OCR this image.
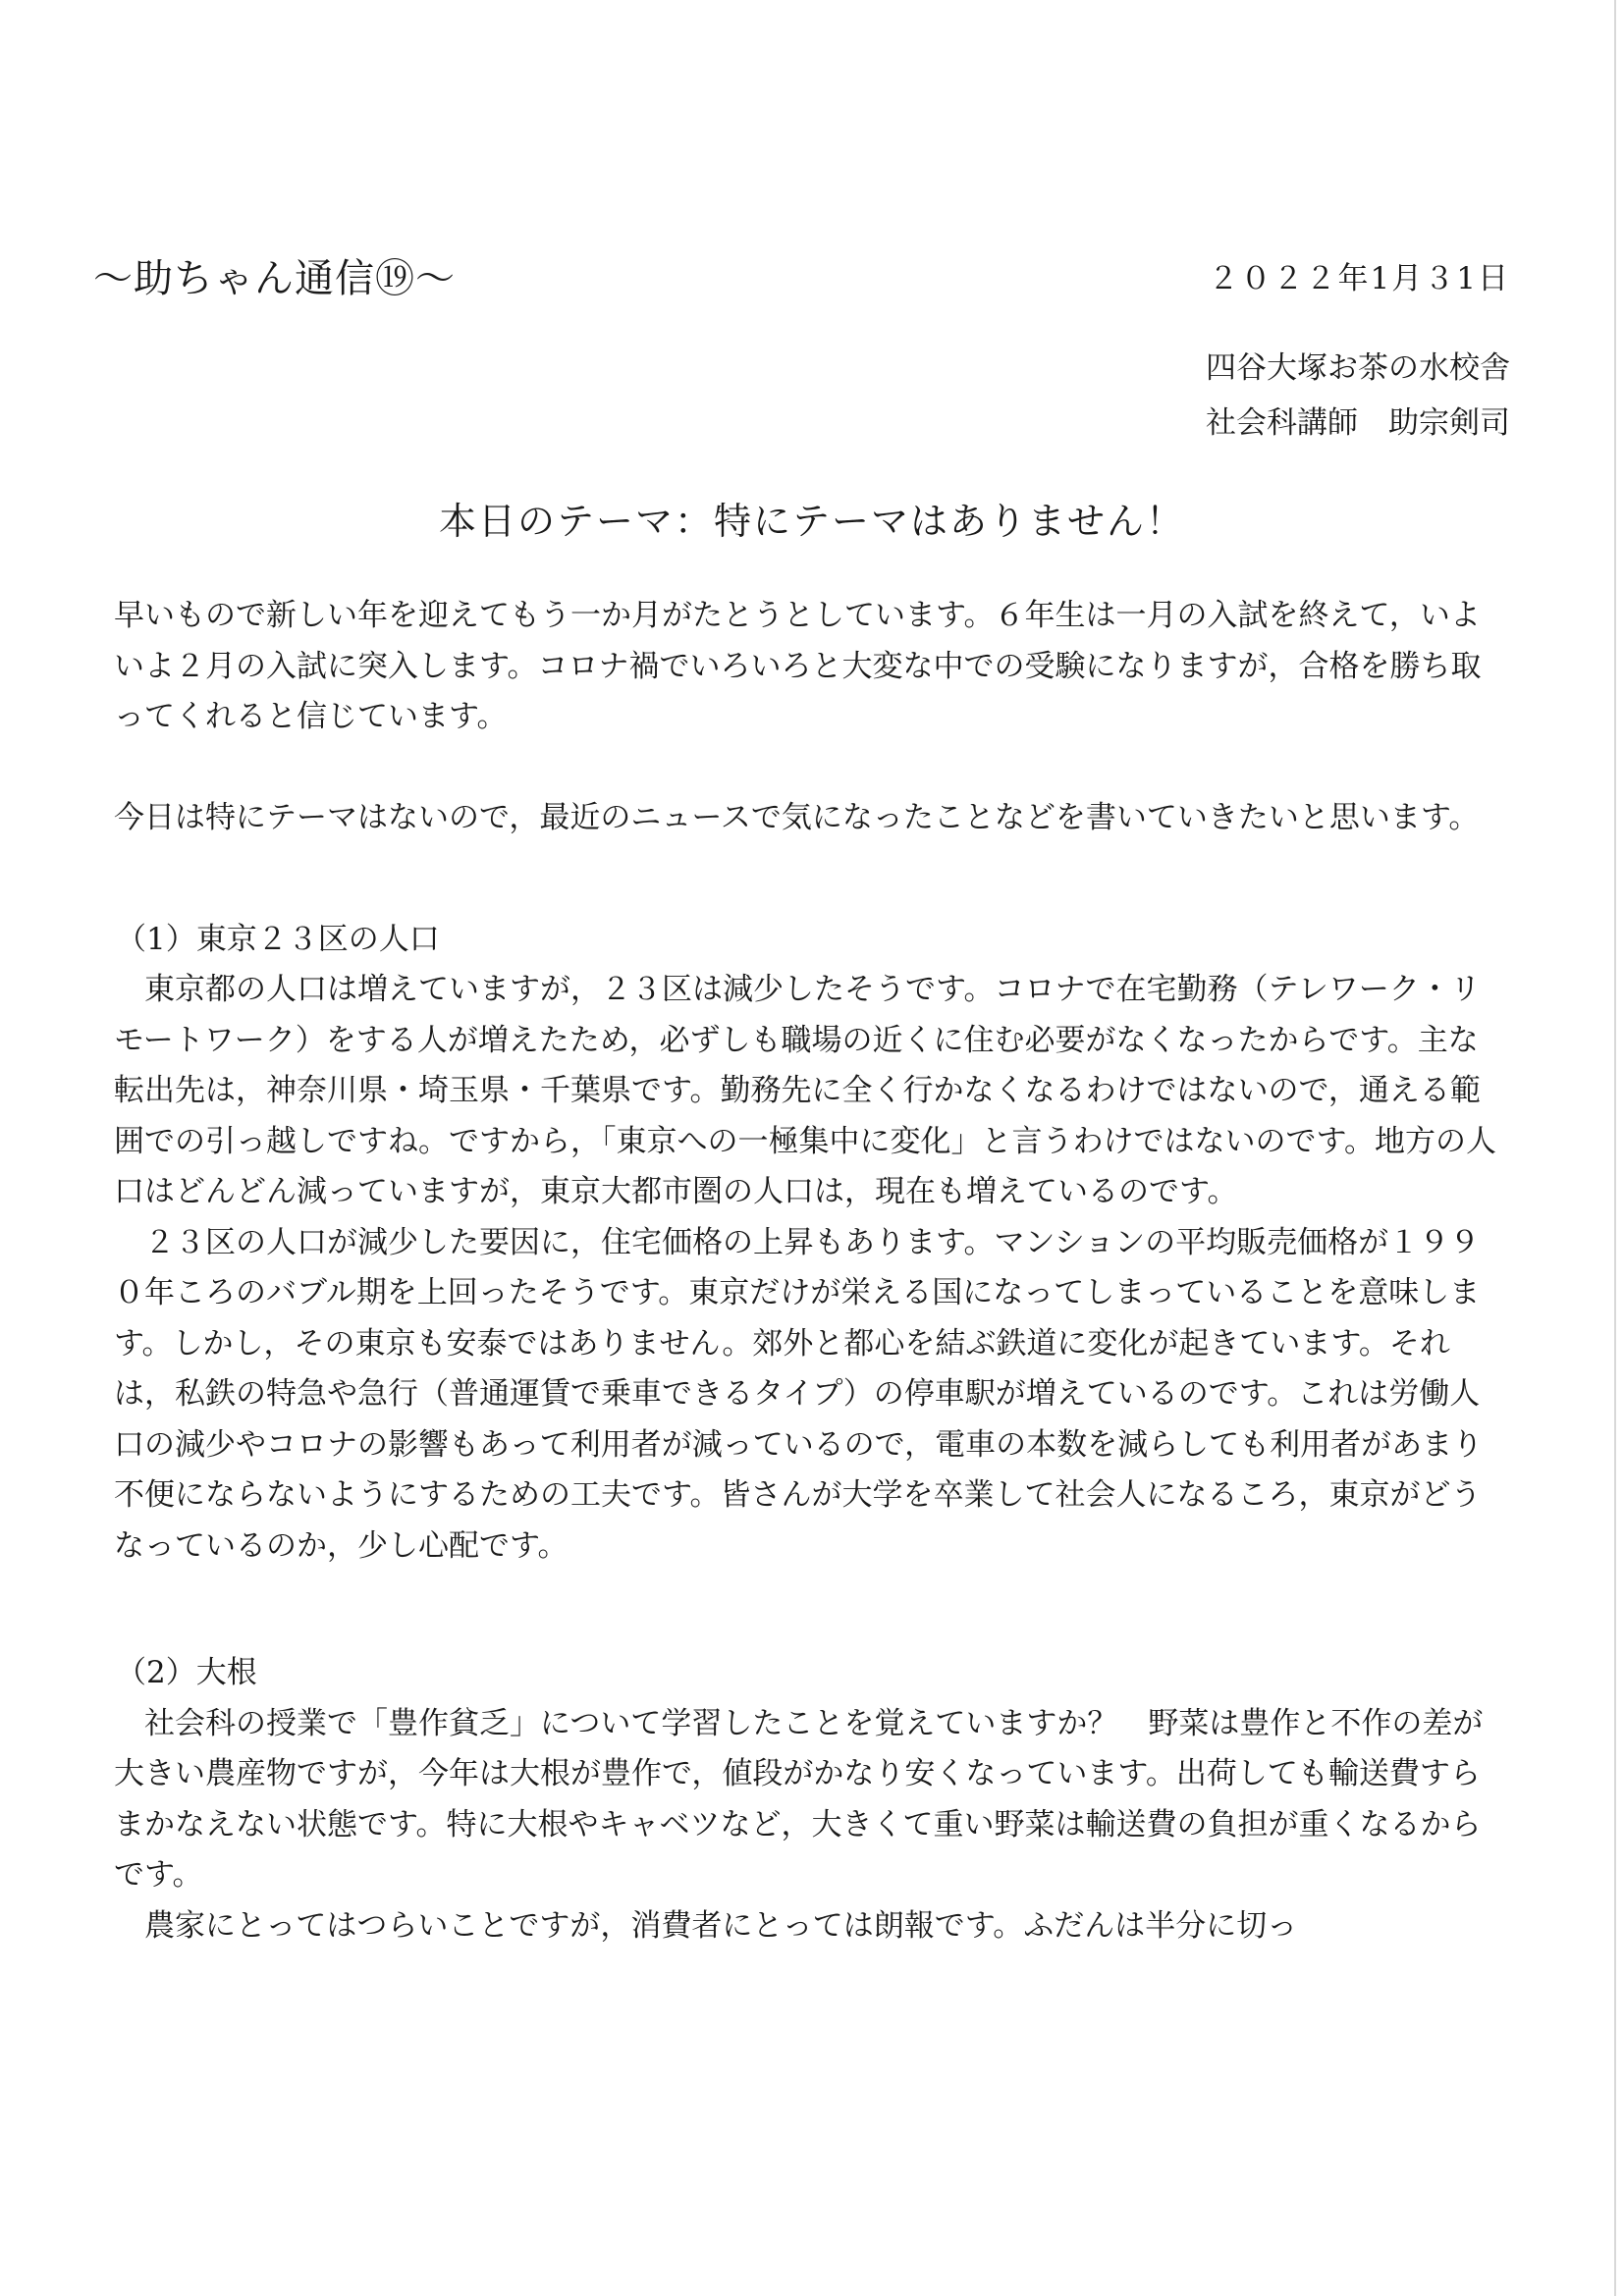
～助ちゃん通信⑲～	２０２２年1月３1日
四谷大塚お茶の水校舎
社会科講師　助宗剣司
本日のテーマ：特にテーマはありません！

早いもので新しい年を迎えてもう一か月がたとうとしています。６年生は一月の入試を終えて，いよいよ２月の入試に突入します。コロナ禍でいろいろと大変な中での受験になりますが，合格を勝ち取ってくれると信じています。

今日は特にテーマはないので，最近のニュースで気になったことなどを書いていきたいと思います。

（1）東京２３区の人口

東京都の人口は増えていますが，２３区は減少したそうです。コロナで在宅勤務（テレワーク・リモートワーク）をする人が増えたため，必ずしも職場の近くに住む必要がなくなったからです。主な転出先は，神奈川県・埼玉県・千葉県です。勤務先に全く行かなくなるわけではないので，通える範囲での引っ越しですね。ですから，「東京への一極集中に変化」と言うわけではないのです。地方の人口はどんどん減っていますが，東京大都市圏の人口は，現在も増えているのです。

２３区の人口が減少した要因に，住宅価格の上昇もあります。マンションの平均販売価格が１９９０年ころのバブル期を上回ったそうです。東京だけが栄える国になってしまっていることを意味します。しかし，その東京も安泰ではありません。郊外と都心を結ぶ鉄道に変化が起きています。それは，私鉄の特急や急行（普通運賃で乗車できるタイプ）の停車駅が増えているのです。これは労働人口の減少やコロナの影響もあって利用者が減っているので，電車の本数を減らしても利用者があまり不便にならないようにするための工夫です。皆さんが大学を卒業して社会人になるころ，東京がどうなっているのか，少し心配です。

（2）大根

社会科の授業で「豊作貧乏」について学習したことを覚えていますか？　野菜は豊作と不作の差が大きい農産物ですが，今年は大根が豊作で，値段がかなり安くなっています。出荷しても輸送費すらまかなえない状態です。特に大根やキャベツなど，大きくて重い野菜は輸送費の負担が重くなるからです。

農家にとってはつらいことですが，消費者にとっては朗報です。ふだんは半分に切っ
